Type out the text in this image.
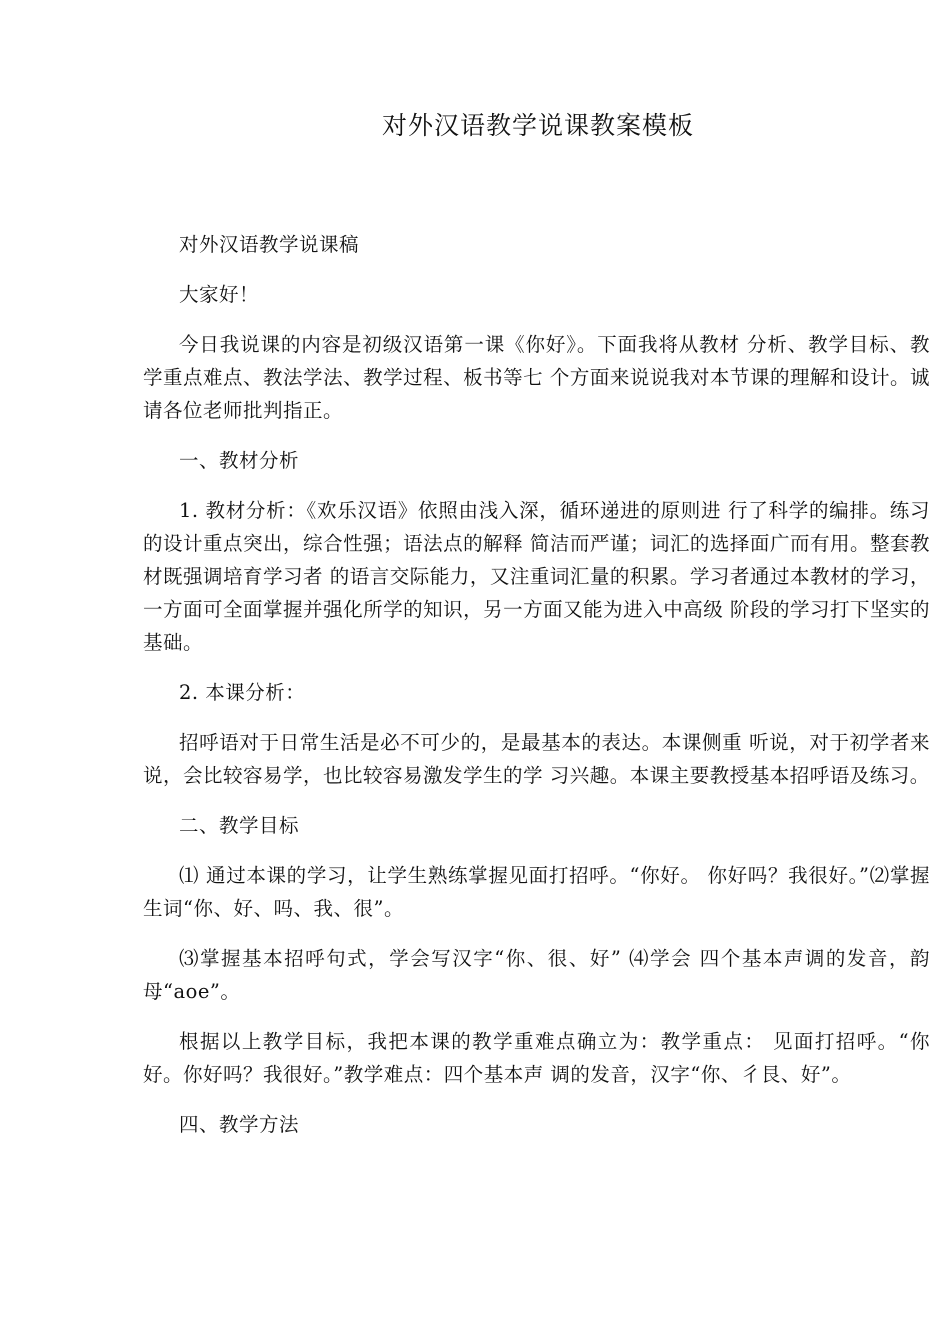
对外汉语教学说课教案模板

对外汉语教学说课稿

大家好！

今日我说课的内容是初级汉语第一课《你好》。下面我将从教材 分析、教学目标、教学重点难点、教法学法、教学过程、板书等七 个方面来说说我对本节课的理解和设计。诚请各位老师批判指正。

一、教材分析

1. 教材分析：《欢乐汉语》依照由浅入深，循环递进的原则进 行了科学的编排。练习的设计重点突出，综合性强；语法点的解释 简洁而严谨；词汇的选择面广而有用。整套教材既强调培育学习者 的语言交际能力，又注重词汇量的积累。学习者通过本教材的学习， 一方面可全面掌握并强化所学的知识，另一方面又能为进入中高级 阶段的学习打下坚实的基础。

2. 本课分析：

招呼语对于日常生活是必不可少的，是最基本的表达。本课侧重 听说，对于初学者来说，会比较容易学，也比较容易激发学生的学 习兴趣。本课主要教授基本招呼语及练习。

二、教学目标

⑴ 通过本课的学习，让学生熟练掌握见面打招呼。“你好。 你好吗？我很好。”⑵掌握生词“你、好、吗、我、很”。

⑶掌握基本招呼句式，学会写汉字“你、很、好” ⑷学会 四个基本声调的发音，韵母“aoe”。

根据以上教学目标，我把本课的教学重难点确立为：教学重点： 见面打招呼。“你好。你好吗？我很好。”教学难点：四个基本声 调的发音，汉字“你、彳艮、好”。

四、教学方法
